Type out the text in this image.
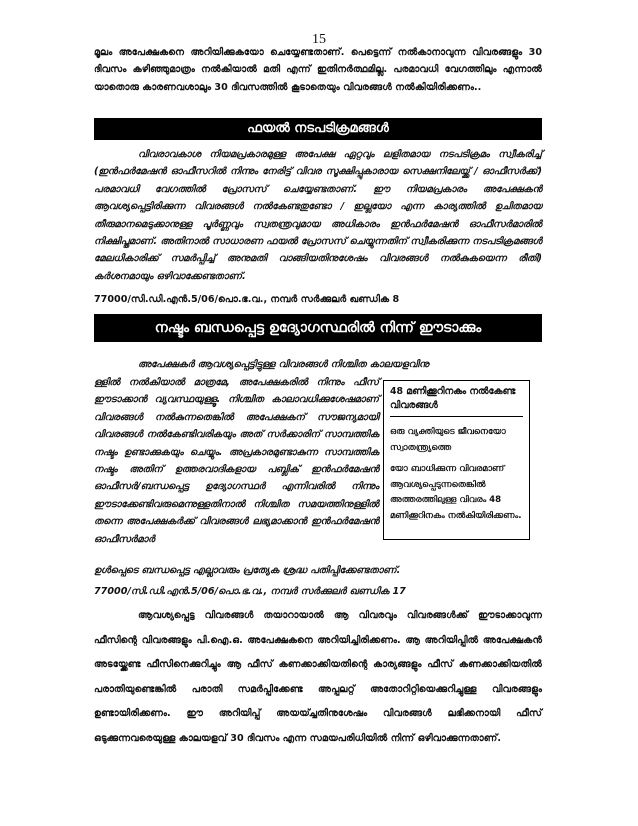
15

മൂലം അപേക്ഷകനെ അറിയിക്കുകയോ ചെയ്യേണ്ടതാണ്. പെട്ടെന്ന് നൽകാനാവുന്ന വിവരങ്ങളും 30 ദിവസം കഴിഞ്ഞുമാത്രം നൽകിയാൽ മതി എന്ന് ഇതിനർത്ഥമില്ല. പരമാവധി വേഗത്തിലും എന്നാൽ യാതൊരു കാരണവശാലും 30 ദിവസത്തിൽ കൂടാതെയും വിവരങ്ങൾ നൽകിയിരിക്കണം..

ഫയൽ നടപടിക്രമങ്ങൾ

വിവരാവകാശ നിയമപ്രകാരമുള്ള അപേക്ഷ ഏറ്റവും ലളിതമായ നടപടിക്രമം സ്വീകരിച്ച് (ഇൻഫർമേഷൻ ഓഫീസറിൽ നിന്നും നേരിട്ട് വിവര സൂക്ഷിപ്പുകാരായ സെക്ഷനിലേയ്ക്ക് / ഓഫീസർക്ക്) പരമാവധി വേഗത്തിൽ പ്രോസസ് ചെയ്യേണ്ടതാണ്. ഈ നിയമപ്രകാരം അപേക്ഷകൻ ആവശ്യപ്പെട്ടിരിക്കുന്ന വിവരങ്ങൾ നൽകേണ്ടതുണ്ടോ / ഇല്ലയോ എന്ന കാര്യത്തിൽ ഉചിതമായ തീരുമാനമെടുക്കാനുള്ള പൂർണ്ണവും സ്വതന്ത്രവുമായ അധികാരം ഇൻഫർമേഷൻ ഓഫീസർമാരിൽ നിക്ഷിപ്തമാണ്. അതിനാൽ സാധാരണ ഫയൽ പ്രോസസ് ചെയ്യുന്നതിന് സ്വീകരിക്കുന്ന നടപടിക്രമങ്ങൾ മേലധികാരിക്ക് സമർപ്പിച്ച് അനുമതി വാങ്ങിയതിനുശേഷം വിവരങ്ങൾ നൽകുകയെന്ന രീതി) കർശനമായും ഒഴിവാക്കേണ്ടതാണ്.

77000/സി.ഡി.എൻ.5/06/പൊ.ഭ.വ., നമ്പർ സർക്കുലർ ഖണ്ഡിക 8

നഷ്ടം ബന്ധപ്പെട്ട ഉദ്യോഗസ്ഥരിൽ നിന്ന് ഈടാക്കും

അപേക്ഷകർ ആവശ്യപ്പെട്ടിട്ടുള്ള വിവരങ്ങൾ നിശ്ചിത കാലയളവിനു

ള്ളിൽ നൽകിയാൽ മാത്രമേ, അപേക്ഷകരിൽ നിന്നും ഫീസ് ഈടാക്കാൻ വ്യവസ്ഥയുള്ളൂ. നിശ്ചിത കാലാവധിക്കുശേഷമാണ് വിവരങ്ങൾ നൽകുന്നതെങ്കിൽ അപേക്ഷകന് സൗജന്യമായി വിവരങ്ങൾ നൽകേണ്ടിവരികയും അത് സർക്കാരിന് സാമ്പത്തിക നഷ്ടം ഉണ്ടാക്കുകയും ചെയ്യും. അപ്രകാരമുണ്ടാകുന്ന സാമ്പത്തിക നഷ്ടം അതിന് ഉത്തരവാദികളായ പബ്ലിക് ഇൻഫർമേഷൻ ഓഫീസർ/ബന്ധപ്പെട്ട ഉദ്യോഗസ്ഥർ എന്നിവരിൽ നിന്നും ഈടാക്കേണ്ടിവരുമെന്നുള്ളതിനാൽ നിശ്ചിത സമയത്തിനുള്ളിൽ തന്നെ അപേക്ഷകർക്ക് വിവരങ്ങൾ ലഭ്യമാക്കാൻ ഇൻഫർമേഷൻ ഓഫീസർമാർ

48 മണിക്കൂറിനകം നൽകേണ്ട വിവരങ്ങൾ

ഒരു വ്യക്തിയുടെ ജീവനെയോ സ്വാതന്ത്ര്യത്തെ

യോ ബാധിക്കുന്ന വിവരമാണ് ആവശ്യപ്പെടുന്നതെങ്കിൽ അത്തരത്തിലുള്ള വിവരം 48 മണിക്കൂറിനകം നൽകിയിരിക്കണം.

ഉൾപ്പെടെ ബന്ധപ്പെട്ട എല്ലാവരും പ്രത്യേക ശ്രദ്ധ പതിപ്പിക്കേണ്ടതാണ്.

77000/സി.ഡി.എൻ.5/06/പൊ.ഭ.വ., നമ്പർ സർക്കുലർ ഖണ്ഡിക 17

ആവശ്യപ്പെട്ട വിവരങ്ങൾ തയാറായാൽ ആ വിവരവും വിവരങ്ങൾക്ക് ഈടാക്കാവുന്ന ഫീസിന്റെ വിവരങ്ങളും പി.ഐ.ഒ. അപേക്ഷകനെ അറിയിച്ചിരിക്കണം. ആ അറിയിപ്പിൽ അപേക്ഷകൻ അടയ്ക്കേണ്ട ഫീസിനെക്കുറിച്ചും ആ ഫീസ് കണക്കാക്കിയതിന്റെ കാര്യങ്ങളും ഫീസ് കണക്കാക്കിയതിൽ പരാതിയുണ്ടെങ്കിൽ പരാതി സമർപ്പിക്കേണ്ട അപ്പലറ്റ് അതോറിറ്റിയെക്കുറിച്ചുള്ള വിവരങ്ങളും ഉണ്ടായിരിക്കണം. ഈ അറിയിപ്പ് അയയ്ച്ചതിനുശേഷം വിവരങ്ങൾ ലഭിക്കനായി ഫീസ് ഒടുക്കുന്നവരെയുള്ള കാലയളവ് 30 ദിവസം എന്ന സമയപരിധിയിൽ നിന്ന് ഒഴിവാക്കുന്നതാണ്.
